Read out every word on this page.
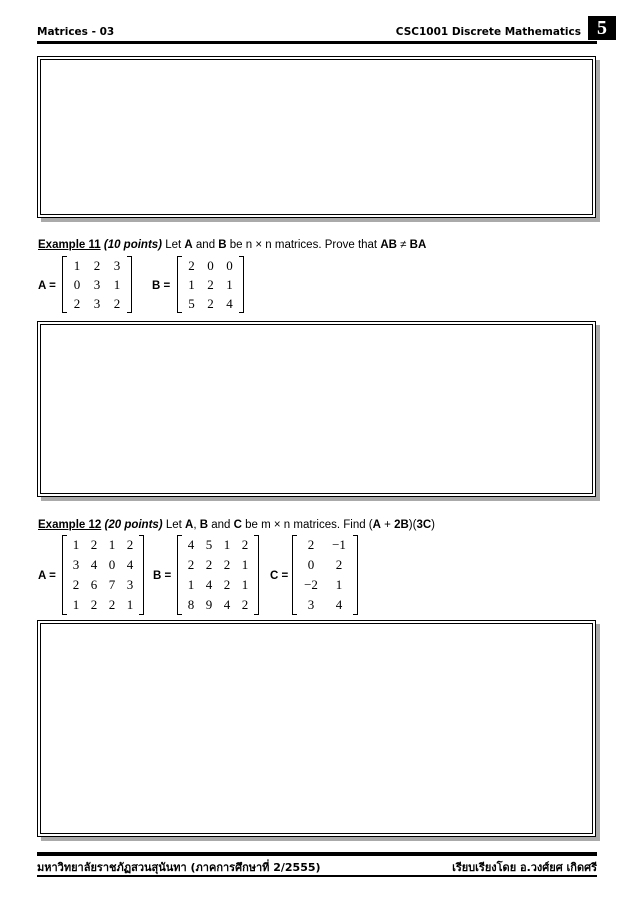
Matrices - 03	CSC1001 Discrete Mathematics 5
Example 11 (10 points) Let A and B be n × n matrices. Prove that AB ≠ BA
A =
1	2	3
0	3	1
2	3	2
B =
2 0 0
1 2 1
5 2 4
Example 12 (20 points) Let A, B and C be m × n matrices. Find (A + 2B)(3C)
A =
1 2 1 2
3 4 0 4
2 6 7 3
1 2 2 1
B =
4 5 1 2
2 2 2 1
1 4 2 1
8 9 4 2
C =
2	−1
0	2
−2	1
3	4
มหาวิทยาลัยราชภัฏสวนสุนันทา (ภาคการศึกษาที่ 2/2555)	เรียบเรียงโดย อ.วงศ์ยศ เกิดศรี
